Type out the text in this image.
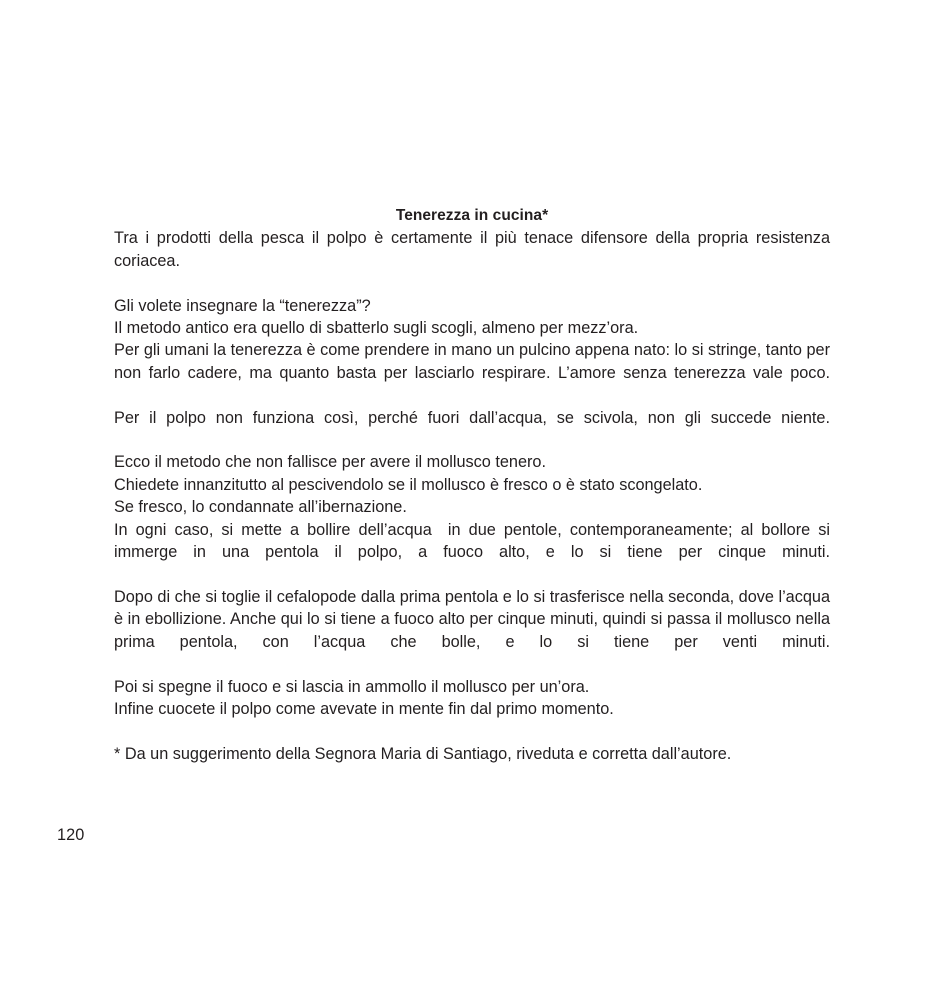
Tenerezza in cucina*

Tra i prodotti della pesca il polpo è certamente il più tenace difensore della propria resistenza coriacea.

Gli volete insegnare la “tenerezza”?

Il metodo antico era quello di sbatterlo sugli scogli, almeno per mezz’ora.

Per gli umani la tenerezza è come prendere in mano un pulcino appena nato: lo si stringe, tanto per non farlo cadere, ma quanto basta per lasciarlo respirare. L’amore senza tenerezza vale poco.

Per il polpo non funziona così, perché fuori dall’acqua, se scivola, non gli succede niente.

Ecco il metodo che non fallisce per avere il mollusco tenero.

Chiedete innanzitutto al pescivendolo se il mollusco è fresco o è stato scongelato.

Se fresco, lo condannate all’ibernazione.

In ogni caso, si mette a bollire dell’acqua  in due pentole, contemporaneamente; al bollore si immerge in una pentola il polpo, a fuoco alto, e lo si tiene per cinque minuti.

Dopo di che si toglie il cefalopode dalla prima pentola e lo si trasferisce nella seconda, dove l’acqua è in ebollizione. Anche qui lo si tiene a fuoco alto per cinque minuti, quindi si passa il mollusco nella prima pentola, con l’acqua che bolle, e lo si tiene per venti minuti.

Poi si spegne il fuoco e si lascia in ammollo il mollusco per un’ora.

Infine cuocete il polpo come avevate in mente fin dal primo momento.

* Da un suggerimento della Segnora Maria di Santiago, riveduta e corretta dall’autore.

120
